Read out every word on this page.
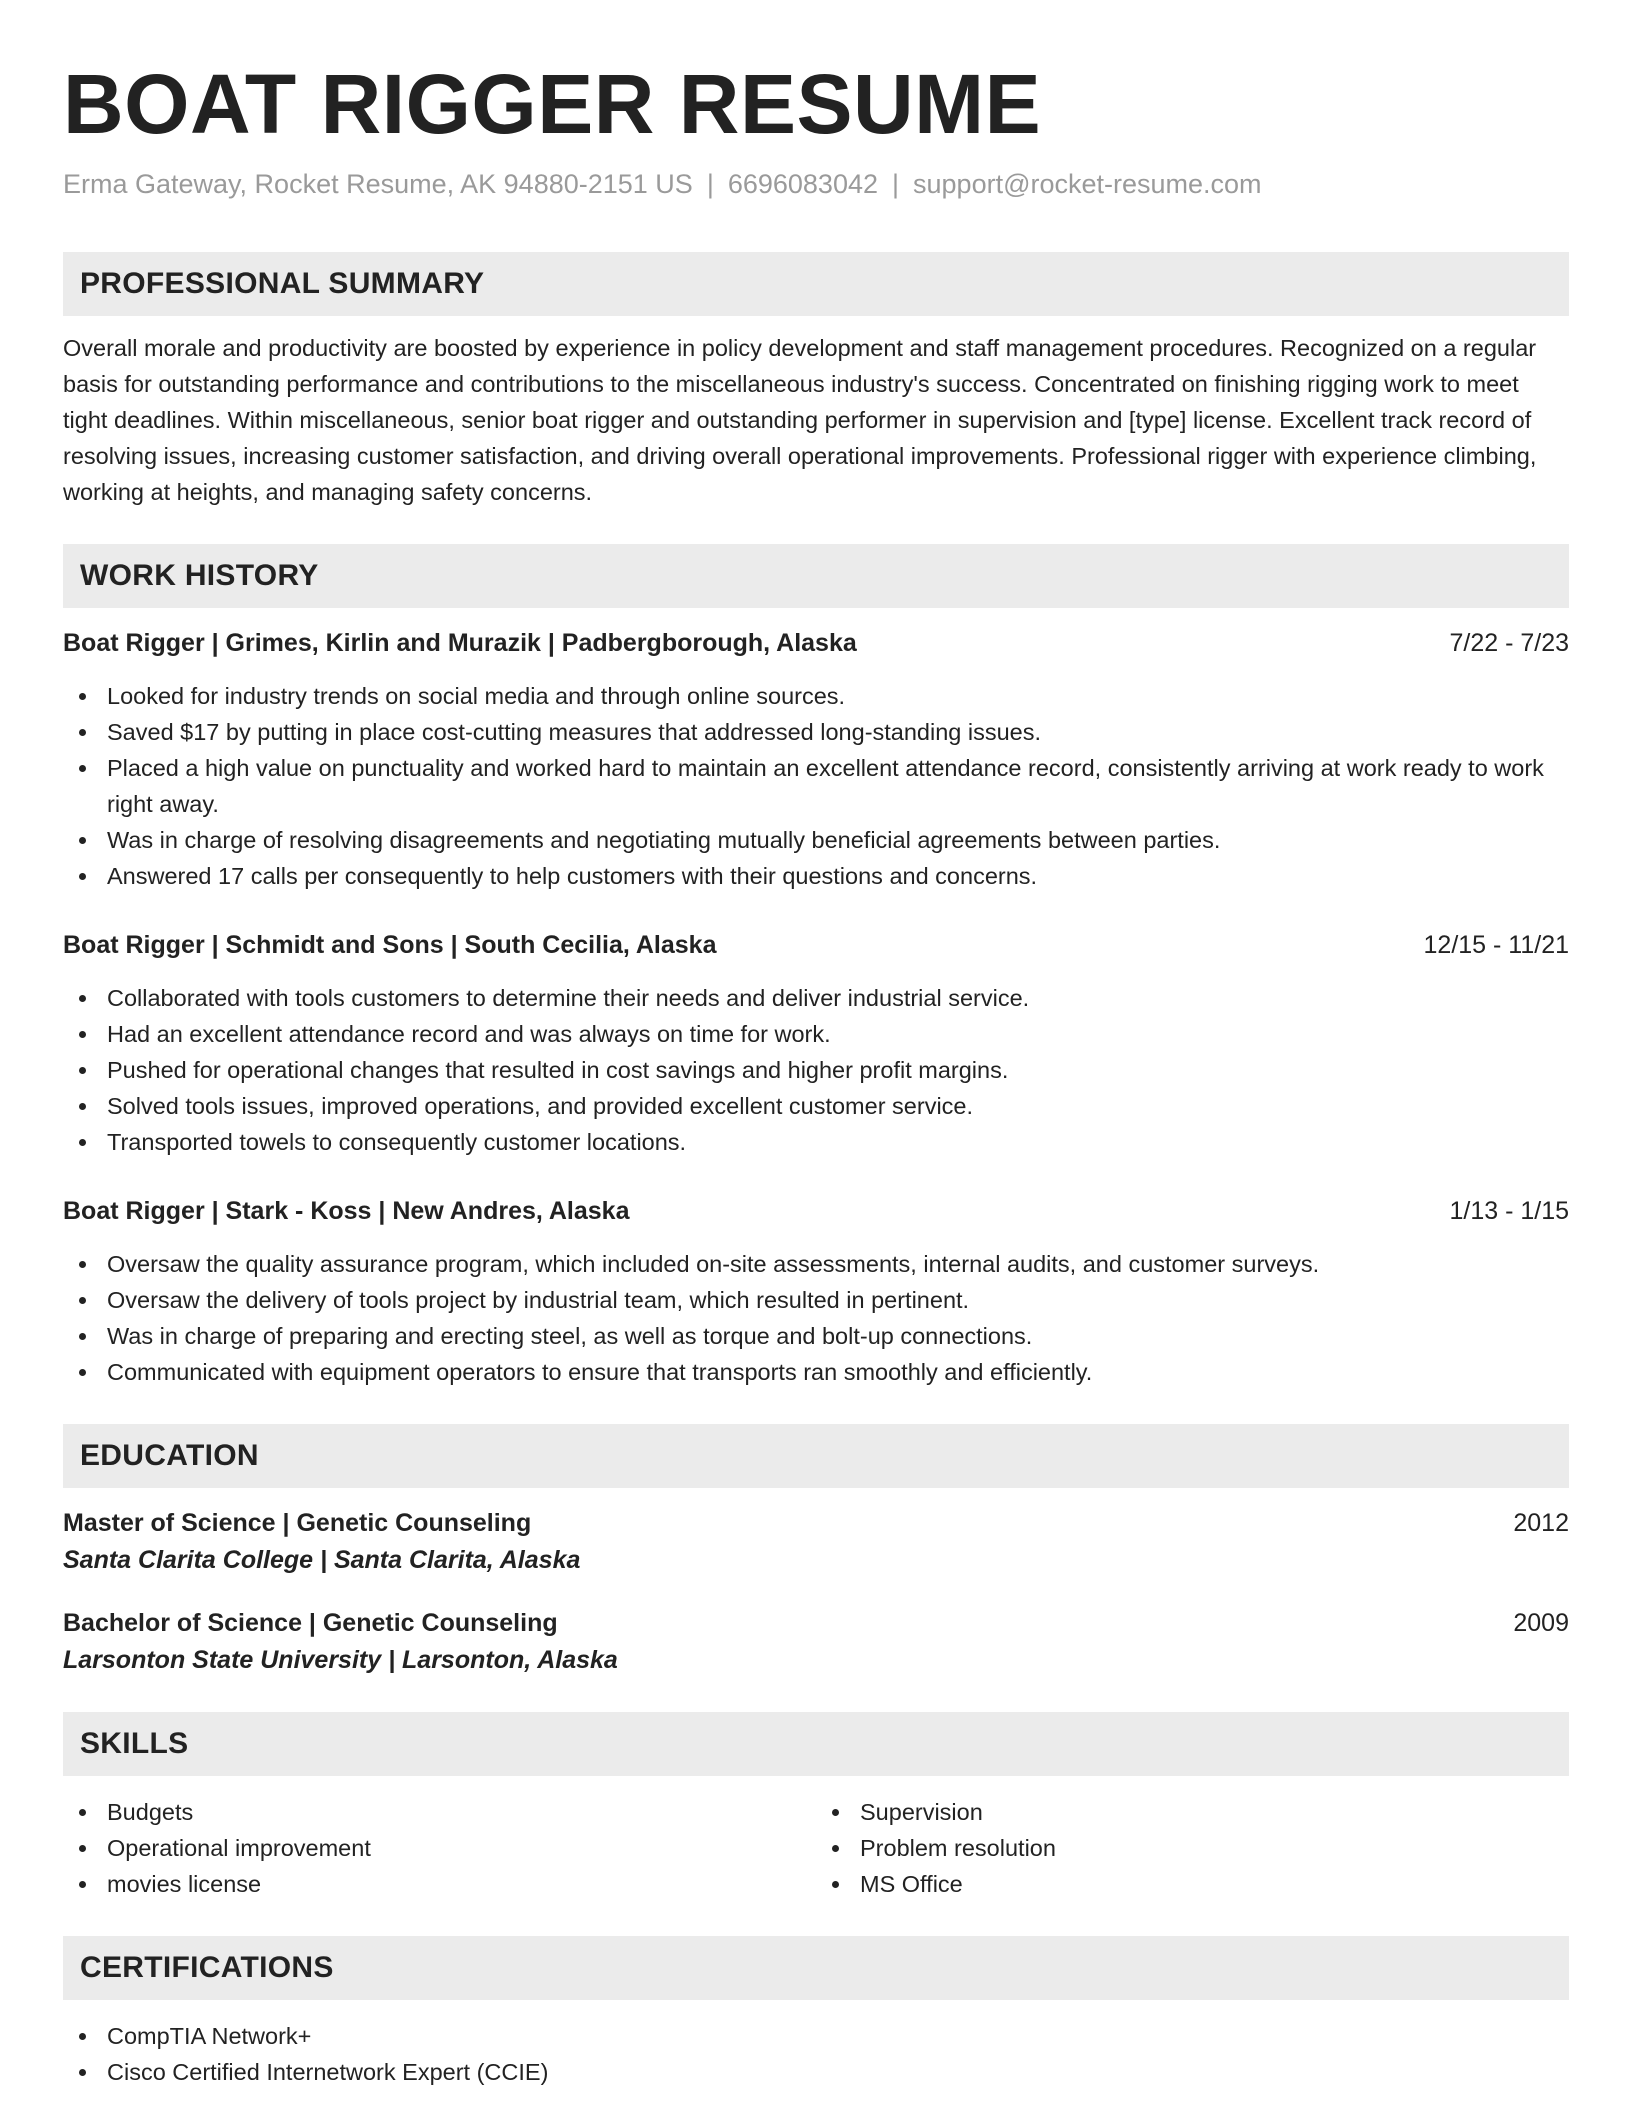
BOAT RIGGER RESUME
Erma Gateway, Rocket Resume, AK 94880-2151 US | 6696083042 | support@rocket-resume.com
PROFESSIONAL SUMMARY

Overall morale and productivity are boosted by experience in policy development and staff management procedures. Recognized on a regular basis for outstanding performance and contributions to the miscellaneous industry's success. Concentrated on finishing rigging work to meet tight deadlines. Within miscellaneous, senior boat rigger and outstanding performer in supervision and [type] license. Excellent track record of resolving issues, increasing customer satisfaction, and driving overall operational improvements. Professional rigger with experience climbing, working at heights, and managing safety concerns.

WORK HISTORY
Boat Rigger | Grimes, Kirlin and Murazik | Padbergborough, Alaska	7/22 - 7/23
Looked for industry trends on social media and through online sources.
Saved $17 by putting in place cost-cutting measures that addressed long-standing issues.
Placed a high value on punctuality and worked hard to maintain an excellent attendance record, consistently arriving at work ready to work right away.
Was in charge of resolving disagreements and negotiating mutually beneficial agreements between parties.
Answered 17 calls per consequently to help customers with their questions and concerns.
Boat Rigger | Schmidt and Sons | South Cecilia, Alaska	12/15 - 11/21
Collaborated with tools customers to determine their needs and deliver industrial service.
Had an excellent attendance record and was always on time for work.
Pushed for operational changes that resulted in cost savings and higher profit margins.
Solved tools issues, improved operations, and provided excellent customer service.
Transported towels to consequently customer locations.
Boat Rigger | Stark - Koss | New Andres, Alaska	1/13 - 1/15
Oversaw the quality assurance program, which included on-site assessments, internal audits, and customer surveys.
Oversaw the delivery of tools project by industrial team, which resulted in pertinent.
Was in charge of preparing and erecting steel, as well as torque and bolt-up connections.
Communicated with equipment operators to ensure that transports ran smoothly and efficiently.
EDUCATION
Master of Science | Genetic Counseling	2012
Santa Clarita College | Santa Clarita, Alaska
Bachelor of Science | Genetic Counseling	2009
Larsonton State University | Larsonton, Alaska
SKILLS
Budgets
Operational improvement
movies license
Supervision
Problem resolution
MS Office
CERTIFICATIONS
CompTIA Network+
Cisco Certified Internetwork Expert (CCIE)
